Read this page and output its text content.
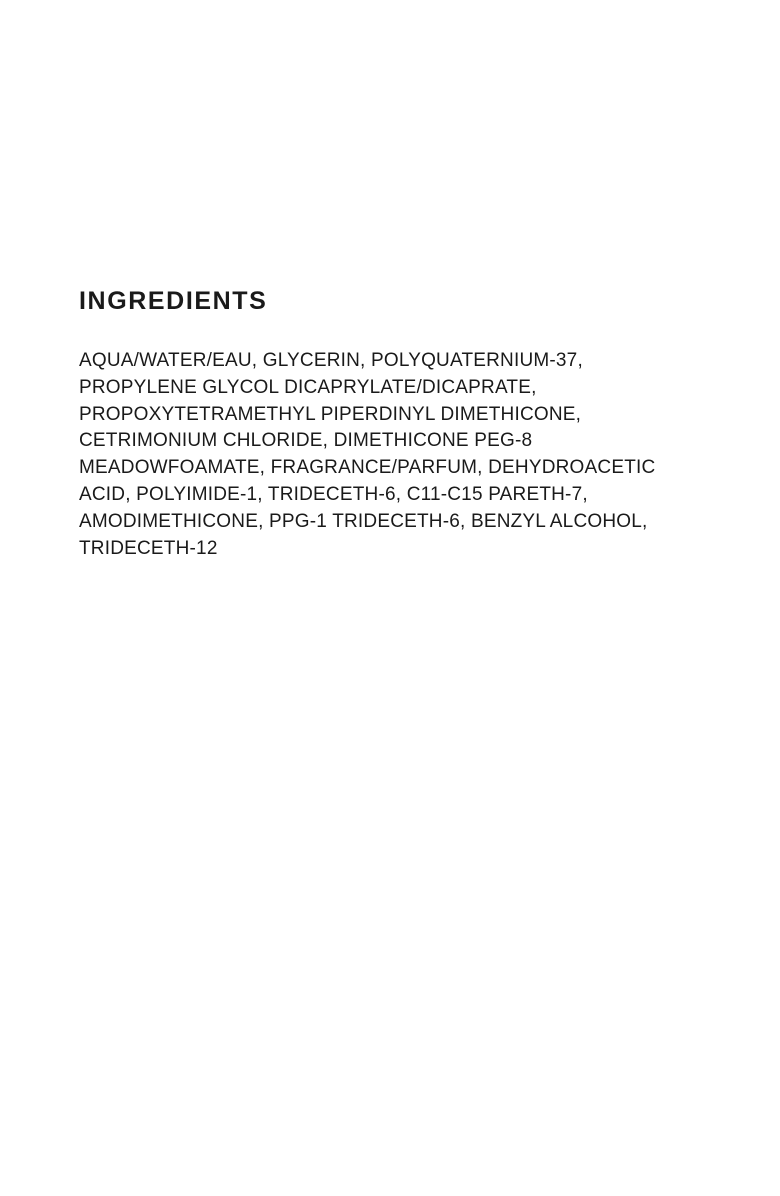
INGREDIENTS
AQUA/WATER/EAU, GLYCERIN, POLYQUATERNIUM-37,
PROPYLENE GLYCOL DICAPRYLATE/DICAPRATE,
PROPOXYTETRAMETHYL PIPERDINYL DIMETHICONE,
CETRIMONIUM CHLORIDE, DIMETHICONE PEG-8
MEADOWFOAMATE, FRAGRANCE/PARFUM, DEHYDROACETIC
ACID, POLYIMIDE-1, TRIDECETH-6, C11-C15 PARETH-7,
AMODIMETHICONE, PPG-1 TRIDECETH-6, BENZYL ALCOHOL,
TRIDECETH-12
